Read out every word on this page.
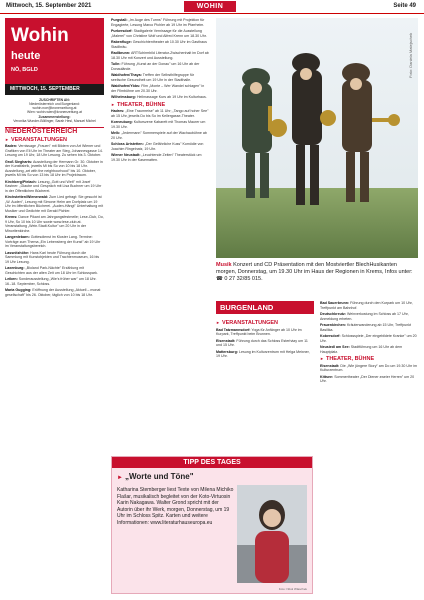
Mittwoch, 15. September 2021	WOHIN	Seite 49
Wohin
heute
NÖ, BGLD
MITTWOCH, 15. SEPTEMBER
ZUSCHRIFTEN AN:
Niederösterreich und Burgenland:
wohin.noe@kronenzeitung.at
Wien: wohin.wien@kronenzeitung.at
Zusammenstellung:
Veronika Wunder-Böllinger, Sarah Hesl, Manuel Michel
NIEDERÖSTERREICH
► VERANSTALTUNGEN

Baden: Vernissage „Frauen" mit Bildern von Art Wiener und Grafiken von Eli Uhr im Theater am Steg, Johannesgasse 14. Lesung um 19 Uhr, 18 Uhr Lesung. Zu sehen bis 3. Oktober.

Groß Siegharts: Ausstellung der Hermann Gr. 30. Oktober in der Kunstfabrik, jeweils Mi bis So von 10 bis 18 Uhr. Ausstellung „art with the neighbourhood" bis 10. Oktober, jeweils Mi bis So von 13 bis 18 Uhr im Projektraum.

Kirchberg/Pielach: Lesung „Gott und Welt" mit Josef Kastner: „Glaube und Gespräch mit Lisa Buchner um 19 Uhr in der Öffentlichen Bücherei.

Kirchstetten/Wienerwald: Zum Lied gefragt: Sie gesucht ist „W. Auden", Lesung mit Simone Helm am Dorfplatz um 19 Uhr im öffentlichen Bücherei. „Auden-Hängt" Unterhaltung mit Musiker und Gedichte mit Gerald Pichler.

Krems: Dance Pikant am Jahrgangsfestmeile; Lese-Club, Do, 9 Uhr, So 10 bis 10 Uhr sowie www.lese-club.at. Veranstaltung „Wein.Stadt.Kultur" um 20 Uhr in der Minoritenkirche.

Langenlebarn: Gottesdienst im Kloster Lang. Termine: Vorträge zum Thema „Ein Lebensberg der Kunst" ab 19 Uhr im Veranstaltungsbereich.

Lassnitzhöhe: Hans Karl heute Führung durch die Sammlung mit Kunstobjekten und Trachtenmuseum, 16 bis 19 Uhr Lesung.

Laxenburg: „Bioland Park-Nächte" Erzählung mit Geschichten aus der alten Zeit um 18 Uhr im Schlosspark.

Leiben: Sonderausstellung „Wie's früher war" um 18 Uhr. 16.-18. September, Schloss.

Maria Gugging: Eröffnung der Ausstellung „Aktuell – monat gesellschaft" bis 26. Oktober, täglich von 10 bis 18 Uhr.

Purgstall: „Im Auge des Turms" Führung mit Projektion für Engagierte, Lesung Marco Pichler ab 19 Uhr im Pfarrheim.

Purkersdorf: Stadtgalerie Vernissage für die Ausstellung „Malerei" von Christine Wolf und Alfred Krenn um 18.30 Uhr.

Rabenfluge: Geschichtentheater ab 10.30 Uhr im Gasthaus Stadlbräu.

Radlbrunn: ARTSchirmbild Literatur-Zwischenhalt im Dorf ab 18.30 Uhr mit Konzert und Ausstellung.

Tulln: Führung „Kunst an der Donau" um 16 Uhr ab der Donaulände.

Waidhofen/Thaya: Treffen der Selbsthilfegruppe für seelische Gesundheit um 19 Uhr in der Stadthalle.

Waidhofen/Ybbs: Film „Monte – Wer Wandel schlagen" in der Filmbühne um 20.30 Uhr.

Wilhelmsburg: Heilmassage Kurs ab 19 Uhr im Kulturhaus.

► THEATER, BÜHNE

Hadres: „Eine Traumreise" ab 11 Uhr; „Tango auf hoher See" ab 15 Uhr, jeweils Do bis So im Kellergasse-Theater.

Korneuburg: Kulturszene Kabarett mit Thomas Maurer um 19.30 Uhr.

Melk: „Jedermann" Sommerspiele auf der Wachaubühne ab 20 Uhr.

Schloss Artstetten: „Der Gefährliche Kuss" Komödie von Joachim Ringelnatz, 19 Uhr.

Wiener Neustadt: „Leuchtende Zeiten" Theaterstück um 19.30 Uhr in der Kasematten.

Foto: Daniela Matejschek
Musik Konzert und CD Präsentation mit den Mostviertler BlechHusikanten morgen, Donnerstag, um 19.30 Uhr im Haus der Regionen in Krems, Infos unter: ☎ 0 27 32/85 015.
BURGENLAND
► VERANSTALTUNGEN

Bad Tatzmannsdorf: Yoga für Anfänger ab 10 Uhr im Kurpark, Treffpunkt beim Brunnen.

Eisenstadt: Führung durch das Schloss Esterházy um 11 und 15 Uhr.

Mattersburg: Lesung im Kulturzentrum mit Helga Meixner, 19 Uhr.

Bad Sauerbrunn: Führung durch den Kurpark um 10 Uhr, Treffpunkt am Bahnhof.

Deutschkreutz: Weinverkostung im Schloss ab 17 Uhr, Anmeldung erbeten.

Frauenkirchen: Kräuterwanderung ab 15 Uhr, Treffpunkt Basilika.

Kobersdorf: Schlossspiele „Der eingebildete Kranke" um 20 Uhr.

Neusiedl am See: Stadtführung um 16 Uhr ab dem Hauptplatz.

► THEATER, BÜHNE

Eisenstadt: Die „Wie jüngere Story" am Do um 19.30 Uhr im Kulturzentrum.

Kittsee: Sommertheater „Der Diener zweier Herren" um 20 Uhr.

TIPP DES TAGES
► „Worte und Töne"
Katharina Stemberger liest Texte von Milena Michiko Flašar, musikalisch begleitet von der Koto-Virtuosin Karin Nakagawa. Walter Grond spricht mit der Autorin über ihr Werk, morgen, Donnerstag, um 19 Uhr im Schloss Spitz. Karten und weitere Informationen: www.literaturhauseuropa.eu
Foto: Nikol Wlaschek
